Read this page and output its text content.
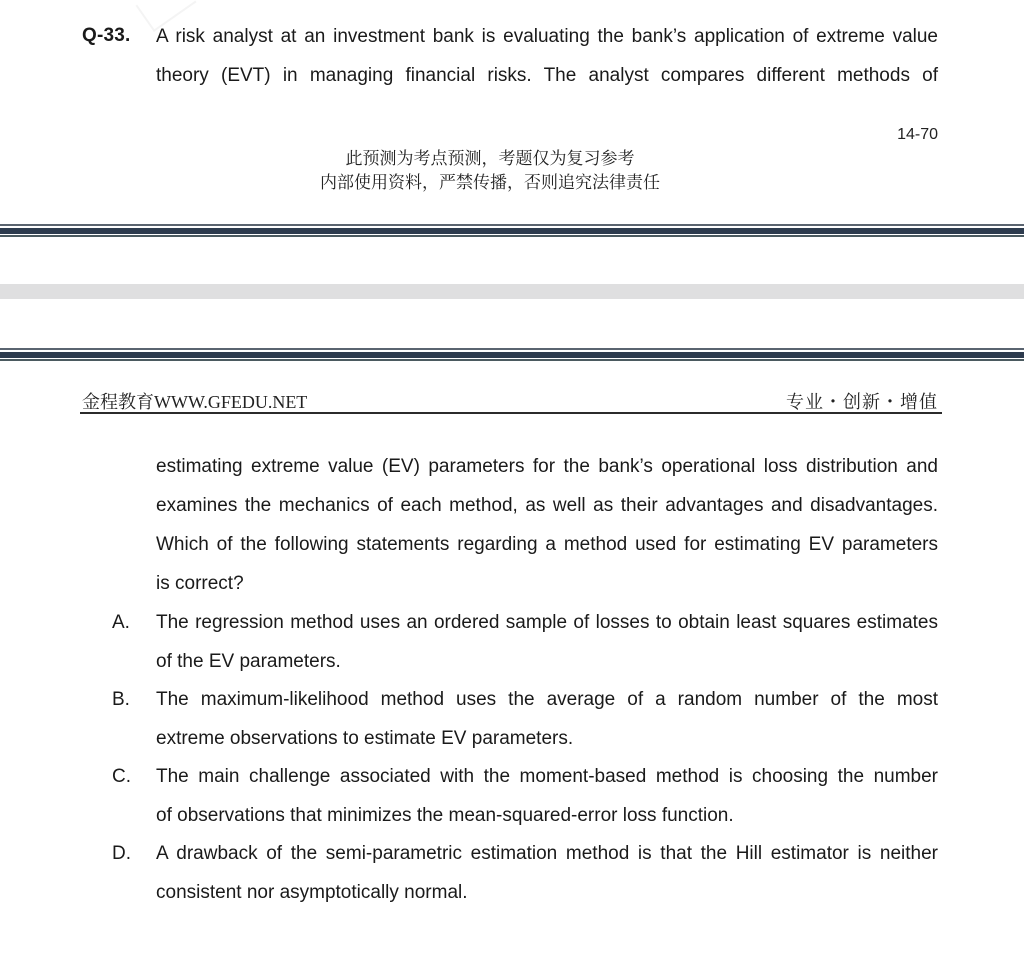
Q-33. A risk analyst at an investment bank is evaluating the bank’s application of extreme value
theory (EVT) in managing financial risks. The analyst compares different methods of
14-70
此预测为考点预测，考题仅为复习参考
内部使用资料，严禁传播，否则追究法律责任
金程教育WWW.GFEDU.NET	专业・创新・增值
estimating extreme value (EV) parameters for the bank’s operational loss distribution and
examines the mechanics of each method, as well as their advantages and disadvantages.
Which of the following statements regarding a method used for estimating EV parameters
is correct?
A. The regression method uses an ordered sample of losses to obtain least squares estimates
of the EV parameters.
B. The maximum-likelihood method uses the average of a random number of the most
extreme observations to estimate EV parameters.
C. The main challenge associated with the moment-based method is choosing the number
of observations that minimizes the mean-squared-error loss function.
D. A drawback of the semi-parametric estimation method is that the Hill estimator is neither
consistent nor asymptotically normal.
